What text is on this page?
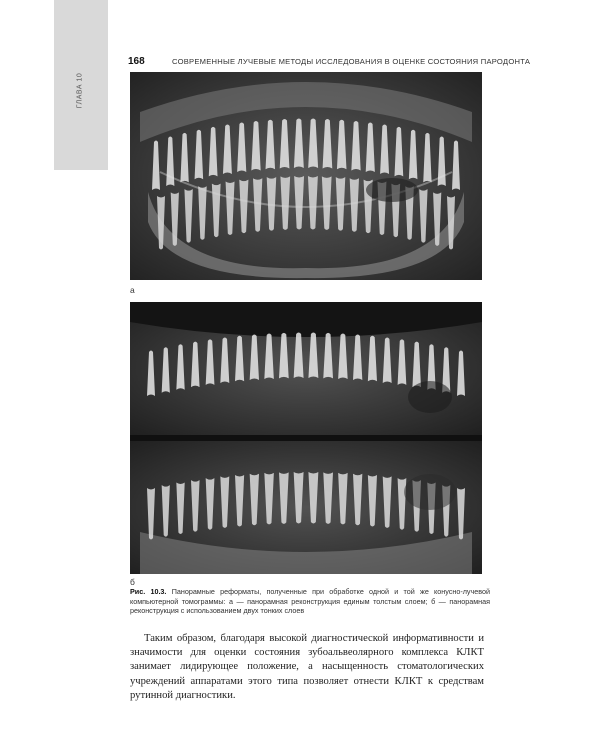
ГЛАВА 10
168	СОВРЕМЕННЫЕ ЛУЧЕВЫЕ МЕТОДЫ ИССЛЕДОВАНИЯ В ОЦЕНКЕ СОСТОЯНИЯ ПАРОДОНТА
а
б
Рис. 10.3. Панорамные реформаты, полученные при обработке одной и той же конусно-лучевой компьютерной томограммы: а — панорамная реконструкция единым толстым слоем; б — панорамная реконструкция с использованием двух тонких слоев

Таким образом, благодаря высокой диагностической информативности и значимости для оценки состояния зубоальвеолярного комплекса КЛКТ занимает лидирующее положение, а насыщенность стоматологических учреждений аппаратами этого типа позволяет отнести КЛКТ к средствам рутинной диагностики.
